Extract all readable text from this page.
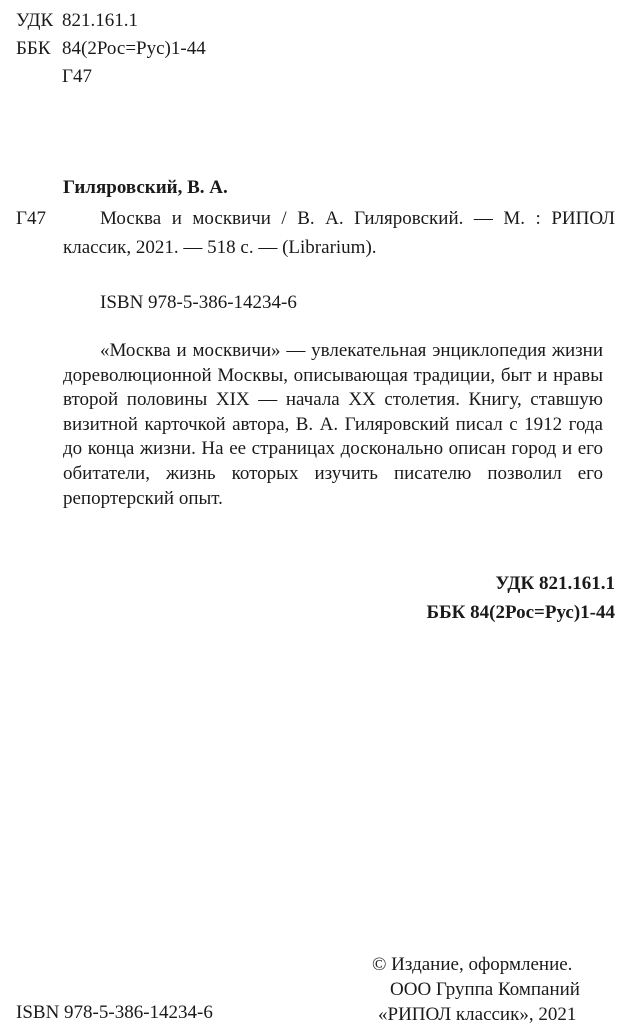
УДК 821.161.1
ББК 84(2Рос=Рус)1-44
Г47
Гиляровский, В. А.
Г47	Москва и москвичи / В. А. Гиляровский. — М. : РИПОЛ
классик, 2021. — 518 с. — (Librarium).
ISBN 978-5-386-14234-6

«Москва и москвичи» — увлекательная энциклопедия жизни дореволюционной Москвы, описывающая традиции, быт и нравы второй половины XIX — начала XX столетия. Книгу, ставшую визитной карточкой автора, В. А. Гиляровский писал с 1912 года до конца жизни. На ее страницах досконально описан город и его обитатели, жизнь которых изучить писателю позволил его репортерский опыт.

УДК 821.161.1
ББК 84(2Рос=Рус)1-44
ISBN 978-5-386-14234-6
© Издание, оформление.
ООО Группа Компаний
«РИПОЛ классик», 2021
